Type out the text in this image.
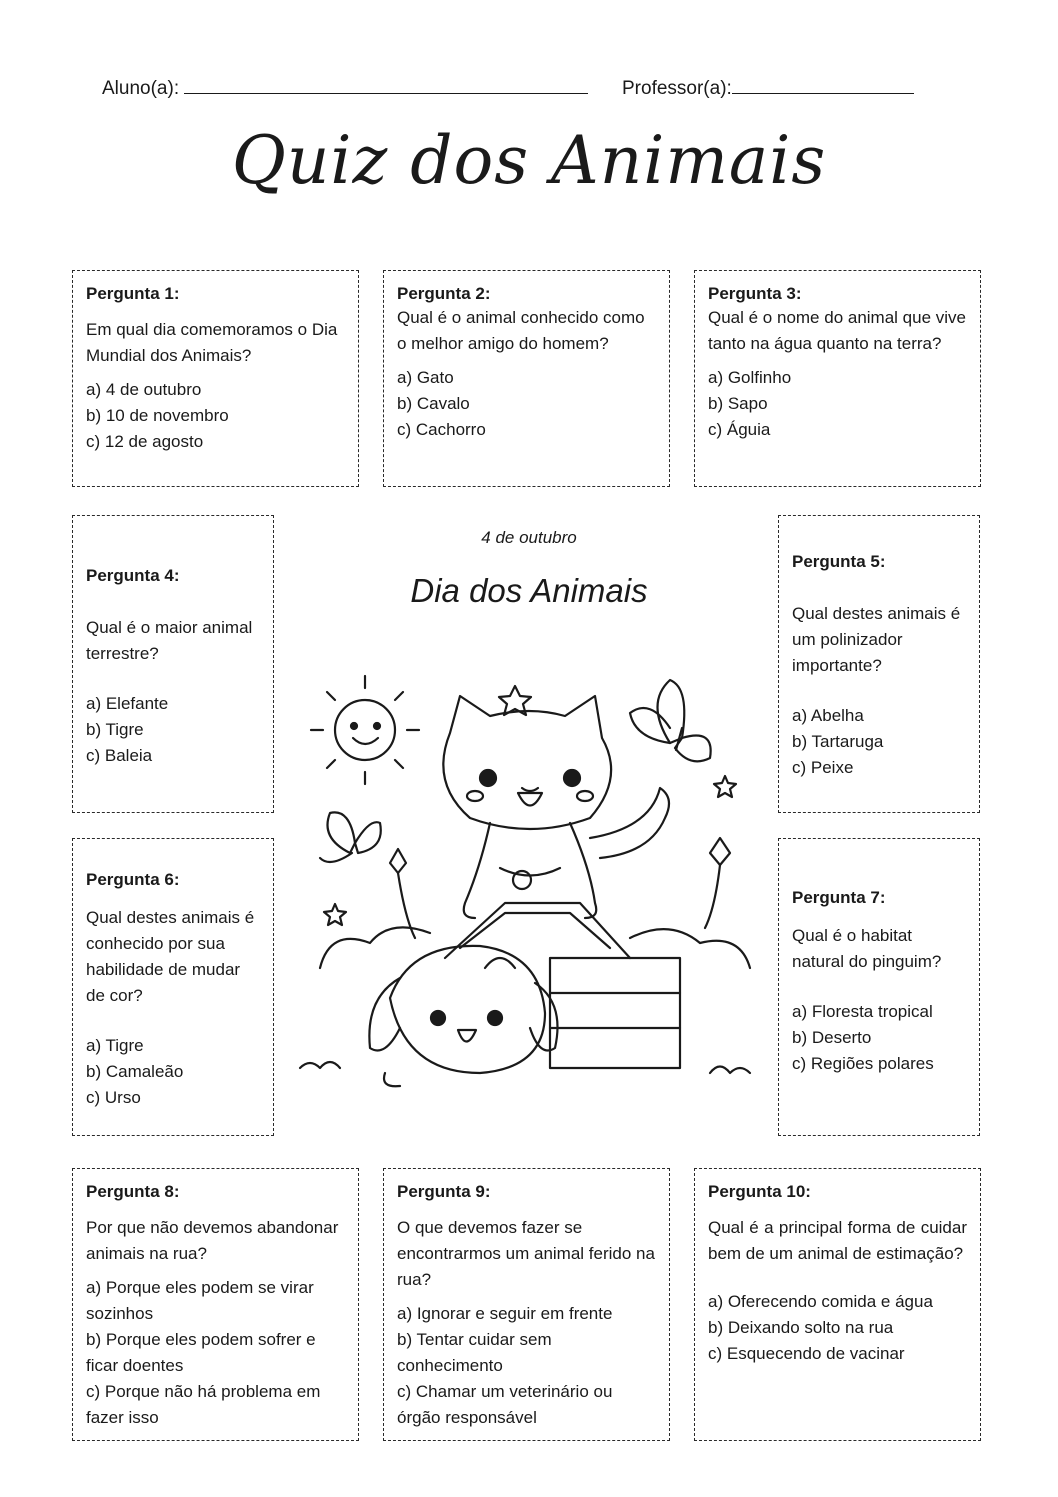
Aluno(a):	Professor(a):
Quiz dos Animais
Pergunta 1:
Em qual dia comemoramos o Dia Mundial dos Animais?
a) 4 de outubro
b) 10 de novembro
c) 12 de agosto
Pergunta 2:
Qual é o animal conhecido como o melhor amigo do homem?
a) Gato
b) Cavalo
c) Cachorro
Pergunta 3:
Qual é o nome do animal que vive tanto na água quanto na terra?
a) Golfinho
b) Sapo
c) Águia
Pergunta 4:
Qual é o maior animal terrestre?
a) Elefante
b) Tigre
c) Baleia
Pergunta 5:
Qual destes animais é um polinizador importante?
a) Abelha
b) Tartaruga
c) Peixe
Pergunta 6:
Qual destes animais é conhecido por sua habilidade de mudar de cor?
a) Tigre
b) Camaleão
c) Urso
Pergunta 7:
Qual é o habitat natural do pinguim?
a) Floresta tropical
b) Deserto
c) Regiões polares
4 de outubro
Dia dos Animais
Pergunta 8:
Por que não devemos abandonar animais na rua?
a) Porque eles podem se virar sozinhos
b) Porque eles podem sofrer e ficar doentes
c) Porque não há problema em fazer isso
Pergunta 9:
O que devemos fazer se encontrarmos um animal ferido na rua?
a) Ignorar e seguir em frente
b) Tentar cuidar sem conhecimento
c) Chamar um veterinário ou órgão responsável
Pergunta 10:
Qual é a principal forma de cuidar bem de um animal de estimação?
a) Oferecendo comida e água
b) Deixando solto na rua
c) Esquecendo de vacinar
